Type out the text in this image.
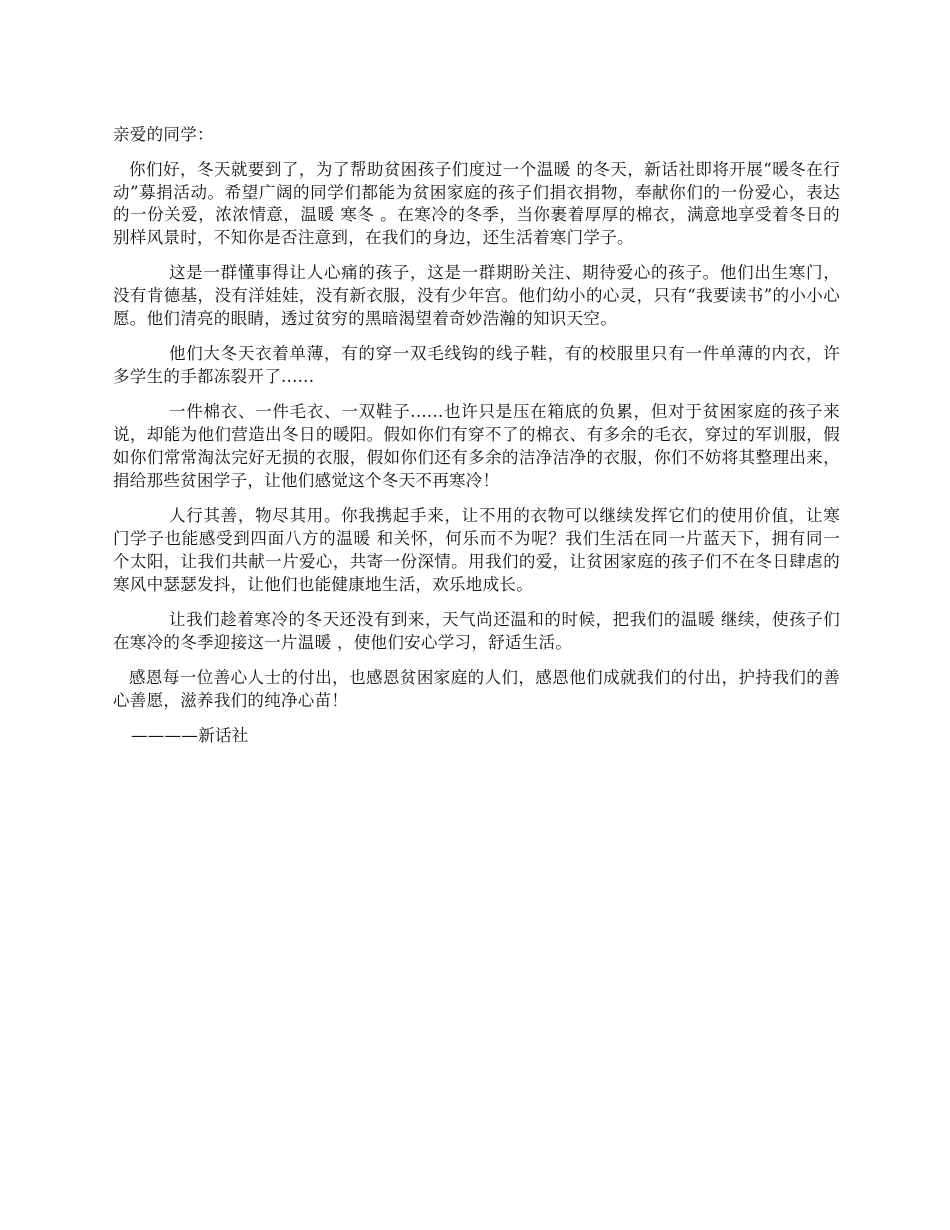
亲爱的同学：

你们好，冬天就要到了，为了帮助贫困孩子们度过一个温暖 的冬天，新话社即将开展“暖冬在行动”募捐活动。希望广阔的同学们都能为贫困家庭的孩子们捐衣捐物，奉献你们的一份爱心，表达的一份关爱，浓浓情意，温暖 寒冬 。在寒冷的冬季，当你裹着厚厚的棉衣，满意地享受着冬日的别样风景时，不知你是否注意到，在我们的身边，还生活着寒门学子。

这是一群懂事得让人心痛的孩子，这是一群期盼关注、期待爱心的孩子。他们出生寒门，没有肯德基，没有洋娃娃，没有新衣服，没有少年宫。他们幼小的心灵，只有“我要读书”的小小心愿。他们清亮的眼睛，透过贫穷的黑暗渴望着奇妙浩瀚的知识天空。

他们大冬天衣着单薄，有的穿一双毛线钩的线子鞋，有的校服里只有一件单薄的内衣，许多学生的手都冻裂开了......

一件棉衣、一件毛衣、一双鞋子......也许只是压在箱底的负累，但对于贫困家庭的孩子来说，却能为他们营造出冬日的暖阳。假如你们有穿不了的棉衣、有多余的毛衣，穿过的军训服，假如你们常常淘汰完好无损的衣服，假如你们还有多余的洁净洁净的衣服，你们不妨将其整理出来，捐给那些贫困学子，让他们感觉这个冬天不再寒冷！

人行其善，物尽其用。你我携起手来，让不用的衣物可以继续发挥它们的使用价值，让寒门学子也能感受到四面八方的温暖 和关怀，何乐而不为呢？我们生活在同一片蓝天下，拥有同一个太阳，让我们共献一片爱心，共寄一份深情。用我们的爱，让贫困家庭的孩子们不在冬日肆虐的寒风中瑟瑟发抖，让他们也能健康地生活，欢乐地成长。

让我们趁着寒冷的冬天还没有到来，天气尚还温和的时候，把我们的温暖 继续，使孩子们在寒冷的冬季迎接这一片温暖 ，使他们安心学习，舒适生活。

感恩每一位善心人士的付出，也感恩贫困家庭的人们，感恩他们成就我们的付出，护持我们的善心善愿，滋养我们的纯净心苗！

————新话社
